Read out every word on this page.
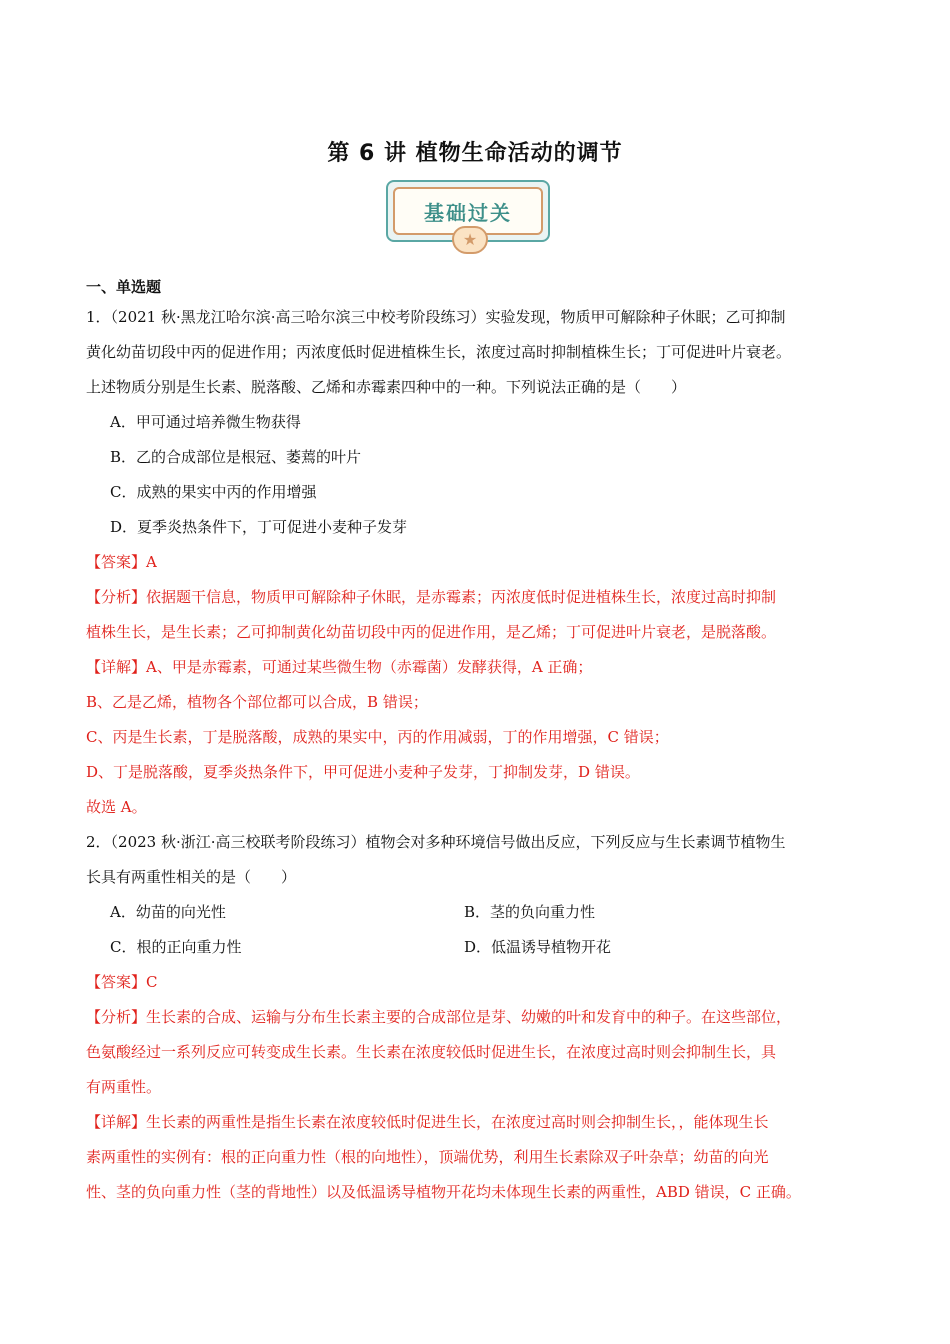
第 6 讲 植物生命活动的调节
基础过关
★
一、单选题

1．（2021 秋·黑龙江哈尔滨·高三哈尔滨三中校考阶段练习）实验发现，物质甲可解除种子休眠；乙可抑制

黄化幼苗切段中丙的促进作用；丙浓度低时促进植株生长，浓度过高时抑制植株生长；丁可促进叶片衰老。

上述物质分别是生长素、脱落酸、乙烯和赤霉素四种中的一种。下列说法正确的是（　　）

A．甲可通过培养微生物获得

B．乙的合成部位是根冠、萎蔫的叶片

C．成熟的果实中丙的作用增强

D．夏季炎热条件下，丁可促进小麦种子发芽

【答案】A

【分析】依据题干信息，物质甲可解除种子休眠，是赤霉素；丙浓度低时促进植株生长，浓度过高时抑制

植株生长，是生长素；乙可抑制黄化幼苗切段中丙的促进作用，是乙烯；丁可促进叶片衰老，是脱落酸。

【详解】A、甲是赤霉素，可通过某些微生物（赤霉菌）发酵获得，A 正确；

B、乙是乙烯，植物各个部位都可以合成，B 错误；

C、丙是生长素，丁是脱落酸，成熟的果实中，丙的作用减弱，丁的作用增强，C 错误；

D、丁是脱落酸，夏季炎热条件下，甲可促进小麦种子发芽，丁抑制发芽，D 错误。

故选 A。

2．（2023 秋·浙江·高三校联考阶段练习）植物会对多种环境信号做出反应，下列反应与生长素调节植物生

长具有两重性相关的是（　　）

A．幼苗的向光性	B．茎的负向重力性
C．根的正向重力性	D．低温诱导植物开花

【答案】C

【分析】生长素的合成、运输与分布生长素主要的合成部位是芽、幼嫩的叶和发育中的种子。在这些部位，

色氨酸经过一系列反应可转变成生长素。生长素在浓度较低时促进生长，在浓度过高时则会抑制生长，具

有两重性。

【详解】生长素的两重性是指生长素在浓度较低时促进生长，在浓度过高时则会抑制生长，，能体现生长

素两重性的实例有：根的正向重力性（根的向地性），顶端优势，利用生长素除双子叶杂草；幼苗的向光

性、茎的负向重力性（茎的背地性）以及低温诱导植物开花均未体现生长素的两重性，ABD 错误，C 正确。
